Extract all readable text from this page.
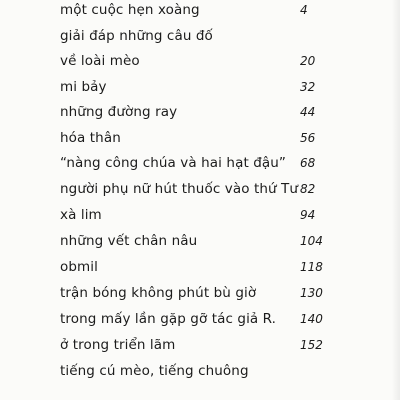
một cuộc hẹn xoàng	4
giải đáp những câu đố
về loài mèo	20
mi bảy	32
những đường ray	44
hóa thân	56
“nàng công chúa và hai hạt đậu” 68
người phụ nữ hút thuốc vào thứ Tư 82
xà lim	94
những vết chân nâu	104
obmil	118
trận bóng không phút bù giờ	130
trong mấy lần gặp gỡ tác giả R. 140
ở trong triển lãm	152
tiếng cú mèo, tiếng chuông
